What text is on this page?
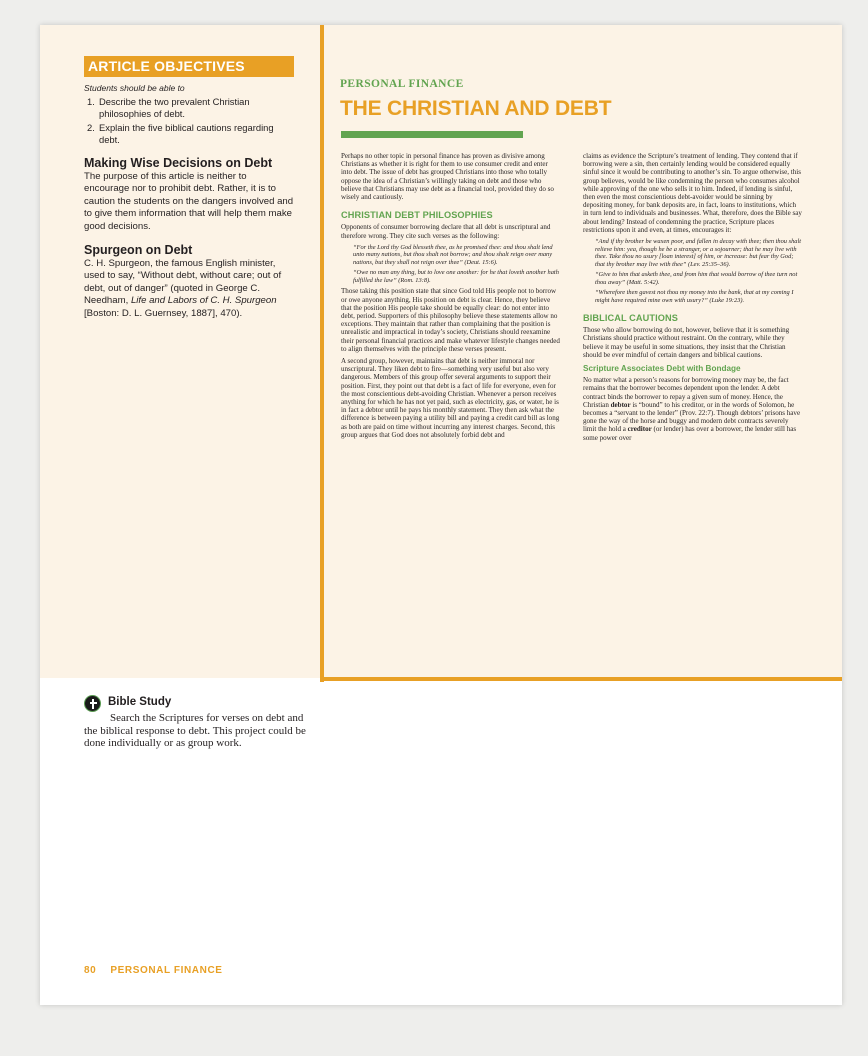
ARTICLE OBJECTIVES
Students should be able to
1. Describe the two prevalent Christian philosophies of debt.
2. Explain the five biblical cautions regarding debt.
Making Wise Decisions on Debt

The purpose of this article is neither to encourage nor to prohibit debt. Rather, it is to caution the students on the dangers involved and to give them information that will help them make good decisions.

Spurgeon on Debt

C. H. Spurgeon, the famous English minister, used to say, “Without debt, without care; out of debt, out of danger” (quoted in George C. Needham, Life and Labors of C. H. Spurgeon [Boston: D. L. Guernsey, 1887], 470).

PERSONAL FINANCE
THE CHRISTIAN AND DEBT

Perhaps no other topic in personal finance has proven as divisive among Christians as whether it is right for them to use consumer credit and enter into debt. The issue of debt has grouped Christians into those who totally oppose the idea of a Christian’s willingly taking on debt and those who believe that Christians may use debt as a financial tool, provided they do so wisely and cautiously.

CHRISTIAN DEBT PHILOSOPHIES

Opponents of consumer borrowing declare that all debt is unscriptural and therefore wrong. They cite such verses as the following:

“For the Lord thy God blesseth thee, as he promised thee: and thou shalt lend unto many nations, but thou shalt not borrow; and thou shalt reign over many nations, but they shall not reign over thee” (Deut. 15:6).

“Owe no man any thing, but to love one another: for he that loveth another hath fulfilled the law” (Rom. 13:8).

Those taking this position state that since God told His people not to borrow or owe anyone anything, His position on debt is clear. Hence, they believe that the position His people take should be equally clear: do not enter into debt, period. Supporters of this philosophy believe these statements allow no exceptions. They maintain that rather than complaining that the position is unrealistic and impractical in today’s society, Christians should reexamine their personal financial practices and make whatever lifestyle changes needed to align themselves with the principle these verses present.

A second group, however, maintains that debt is neither immoral nor unscriptural. They liken debt to fire—something very useful but also very dangerous. Members of this group offer several arguments to support their position. First, they point out that debt is a fact of life for everyone, even for the most conscientious debt-avoiding Christian. Whenever a person receives anything for which he has not yet paid, such as electricity, gas, or water, he is in fact a debtor until he pays his monthly statement. They then ask what the difference is between paying a utility bill and paying a credit card bill as long as both are paid on time without incurring any interest charges. Second, this group argues that God does not absolutely forbid debt and

claims as evidence the Scripture’s treatment of lending. They contend that if borrowing were a sin, then certainly lending would be considered equally sinful since it would be contributing to another’s sin. To argue otherwise, this group believes, would be like condemning the person who consumes alcohol while approving of the one who sells it to him. Indeed, if lending is sinful, then even the most conscientious debt-avoider would be sinning by depositing money, for bank deposits are, in fact, loans to institutions, which in turn lend to individuals and businesses. What, therefore, does the Bible say about lending? Instead of condemning the practice, Scripture places restrictions upon it and even, at times, encourages it:

“And if thy brother be waxen poor, and fallen in decay with thee; then thou shalt relieve him: yea, though he be a stranger, or a sojourner; that he may live with thee. Take thou no usury [loan interest] of him, or increase: but fear thy God; that thy brother may live with thee” (Lev. 25:35–36).

“Give to him that asketh thee, and from him that would borrow of thee turn not thou away” (Matt. 5:42).

“Wherefore then gavest not thou my money into the bank, that at my coming I might have required mine own with usury?” (Luke 19:23).

BIBLICAL CAUTIONS

Those who allow borrowing do not, however, believe that it is something Christians should practice without restraint. On the contrary, while they believe it may be useful in some situations, they insist that the Christian should be ever mindful of certain dangers and biblical cautions.

Scripture Associates Debt with Bondage

No matter what a person’s reasons for borrowing money may be, the fact remains that the borrower becomes dependent upon the lender. A debt contract binds the borrower to repay a given sum of money. Hence, the Christian debtor is “bound” to his creditor, or in the words of Solomon, he becomes a “servant to the lender” (Prov. 22:7). Though debtors’ prisons have gone the way of the horse and buggy and modern debt contracts severely limit the hold a creditor (or lender) has over a borrower, the lender still has some power over

Bible Study
Search the Scriptures for verses on debt and the biblical response to debt. This project could be done individually or as group work.
80 PERSONAL FINANCE
